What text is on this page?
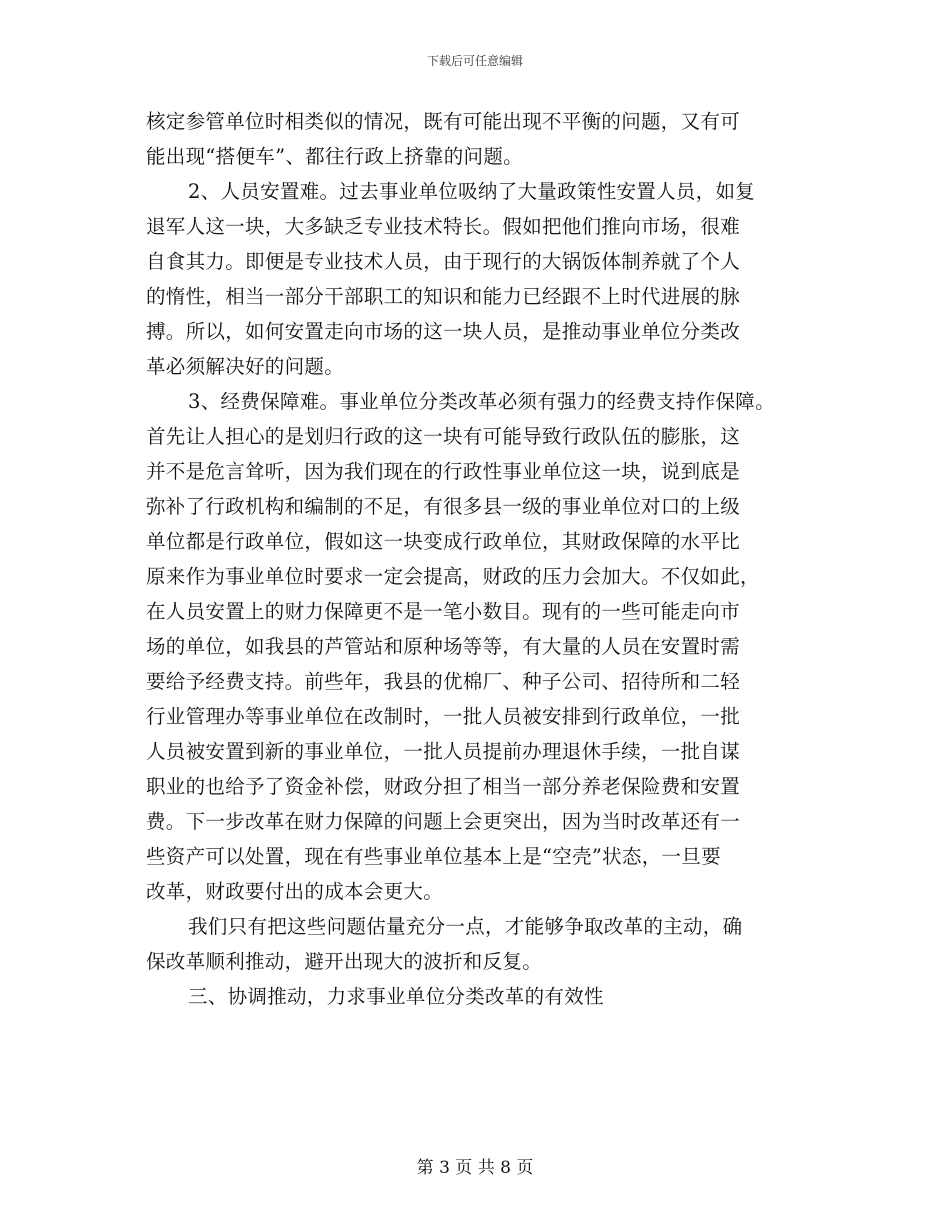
下载后可任意编辑
核定参管单位时相类似的情况，既有可能出现不平衡的问题，又有可
能出现“搭便车”、都往行政上挤靠的问题。
2、人员安置难。过去事业单位吸纳了大量政策性安置人员，如复
退军人这一块，大多缺乏专业技术特长。假如把他们推向市场，很难
自食其力。即便是专业技术人员，由于现行的大锅饭体制养就了个人
的惰性，相当一部分干部职工的知识和能力已经跟不上时代进展的脉
搏。所以，如何安置走向市场的这一块人员，是推动事业单位分类改
革必须解决好的问题。
3、经费保障难。事业单位分类改革必须有强力的经费支持作保障。
首先让人担心的是划归行政的这一块有可能导致行政队伍的膨胀，这
并不是危言耸听，因为我们现在的行政性事业单位这一块，说到底是
弥补了行政机构和编制的不足，有很多县一级的事业单位对口的上级
单位都是行政单位，假如这一块变成行政单位，其财政保障的水平比
原来作为事业单位时要求一定会提高，财政的压力会加大。不仅如此，
在人员安置上的财力保障更不是一笔小数目。现有的一些可能走向市
场的单位，如我县的芦管站和原种场等等，有大量的人员在安置时需
要给予经费支持。前些年，我县的优棉厂、种子公司、招待所和二轻
行业管理办等事业单位在改制时，一批人员被安排到行政单位，一批
人员被安置到新的事业单位，一批人员提前办理退休手续，一批自谋
职业的也给予了资金补偿，财政分担了相当一部分养老保险费和安置
费。下一步改革在财力保障的问题上会更突出，因为当时改革还有一
些资产可以处置，现在有些事业单位基本上是“空壳”状态，一旦要
改革，财政要付出的成本会更大。
我们只有把这些问题估量充分一点，才能够争取改革的主动，确
保改革顺利推动，避开出现大的波折和反复。
三、协调推动，力求事业单位分类改革的有效性
第 3 页 共 8 页
